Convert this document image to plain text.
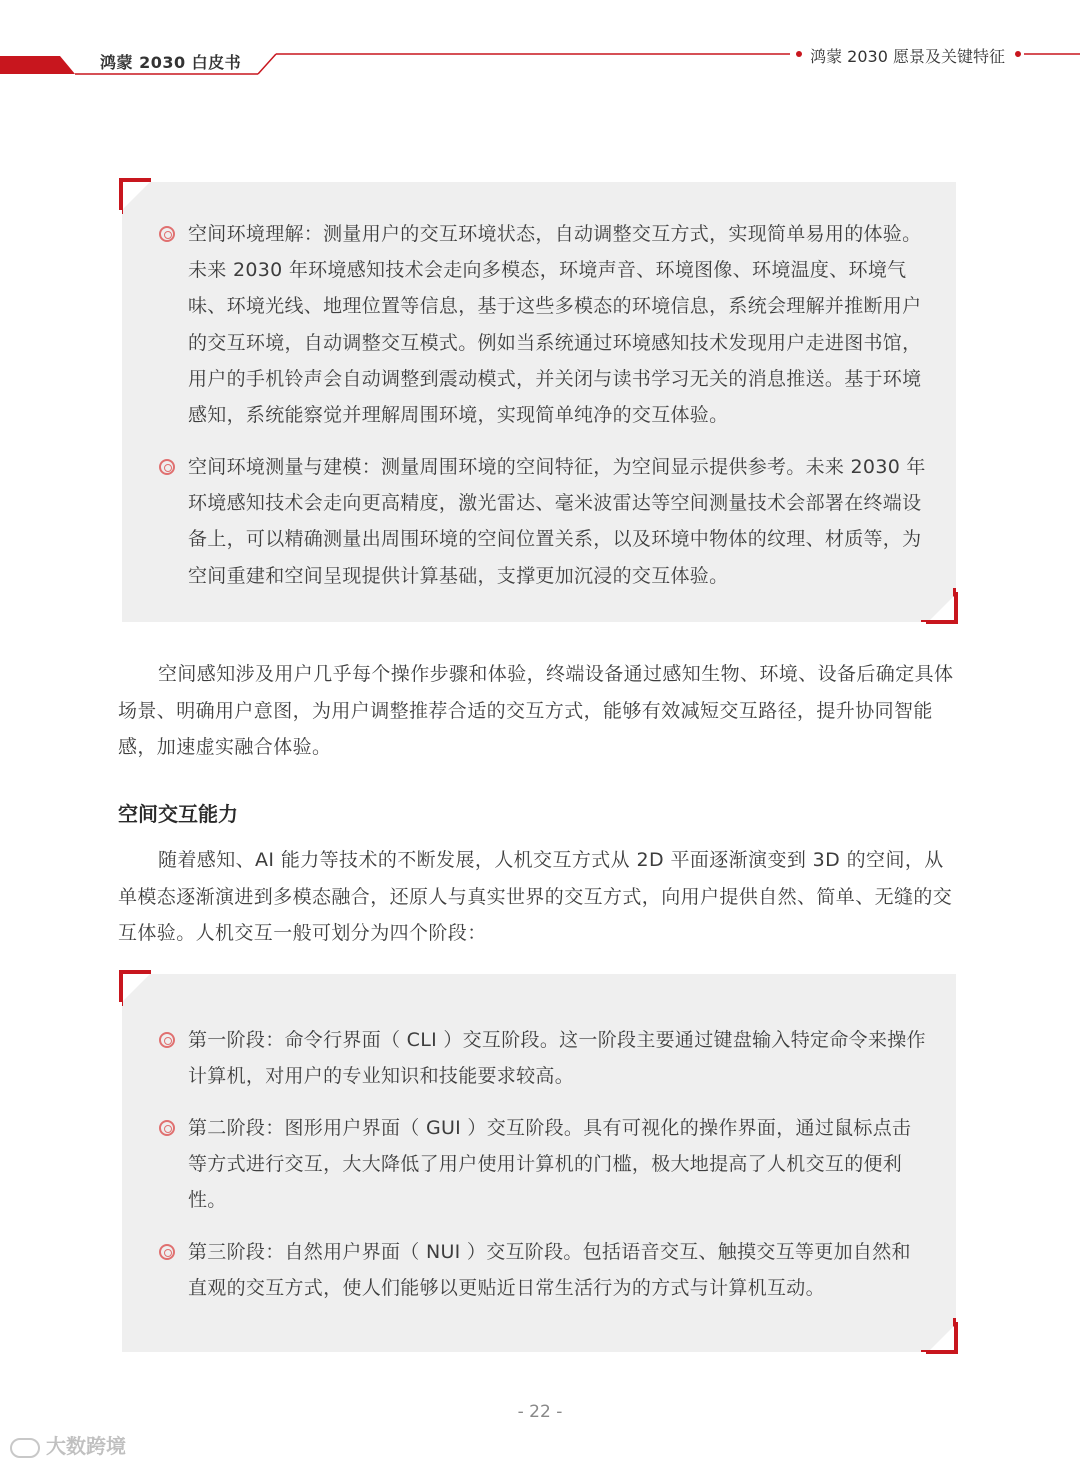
鸿蒙 2030 白皮书	鸿蒙 2030 愿景及关键特征
空间环境理解：测量用户的交互环境状态，自动调整交互方式，实现简单易用的体验。未来 2030 年环境感知技术会走向多模态，环境声音、环境图像、环境温度、环境气味、环境光线、地理位置等信息，基于这些多模态的环境信息，系统会理解并推断用户的交互环境，自动调整交互模式。例如当系统通过环境感知技术发现用户走进图书馆，用户的手机铃声会自动调整到震动模式，并关闭与读书学习无关的消息推送。基于环境感知，系统能察觉并理解周围环境，实现简单纯净的交互体验。
空间环境测量与建模：测量周围环境的空间特征，为空间显示提供参考。未来 2030 年环境感知技术会走向更高精度，激光雷达、毫米波雷达等空间测量技术会部署在终端设备上，可以精确测量出周围环境的空间位置关系，以及环境中物体的纹理、材质等，为空间重建和空间呈现提供计算基础，支撑更加沉浸的交互体验。
空间感知涉及用户几乎每个操作步骤和体验，终端设备通过感知生物、环境、设备后确定具体场景、明确用户意图，为用户调整推荐合适的交互方式，能够有效减短交互路径，提升协同智能感，加速虚实融合体验。
空间交互能力
随着感知、AI 能力等技术的不断发展，人机交互方式从 2D 平面逐渐演变到 3D 的空间，从单模态逐渐演进到多模态融合，还原人与真实世界的交互方式，向用户提供自然、简单、无缝的交互体验。人机交互一般可划分为四个阶段：
第一阶段：命令行界面（ CLI ）交互阶段。这一阶段主要通过键盘输入特定命令来操作计算机，对用户的专业知识和技能要求较高。
第二阶段：图形用户界面（ GUI ）交互阶段。具有可视化的操作界面，通过鼠标点击等方式进行交互，大大降低了用户使用计算机的门槛，极大地提高了人机交互的便利性。
第三阶段：自然用户界面（ NUI ）交互阶段。包括语音交互、触摸交互等更加自然和直观的交互方式，使人们能够以更贴近日常生活行为的方式与计算机互动。
- 22 -
大数跨境
